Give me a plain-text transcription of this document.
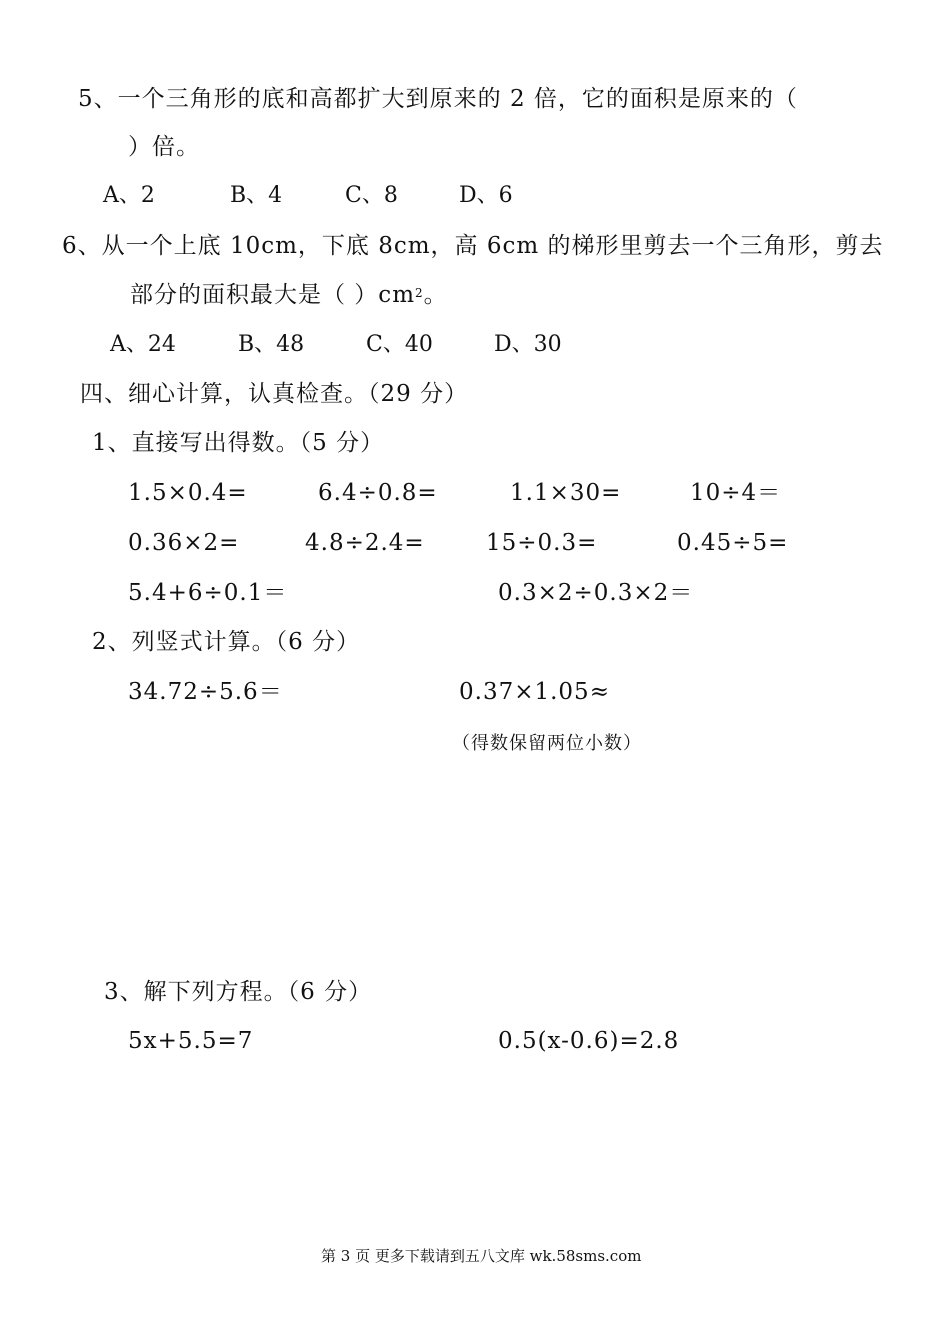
5、一个三角形的底和高都扩大到原来的 2 倍，它的面积是原来的（
）倍。
A、2	B、4	C、8	D、6
6、从一个上底 10cm，下底 8cm，高 6cm 的梯形里剪去一个三角形，剪去
部分的面积最大是（ ）$cm^2$。
A、24	B、48	C、40	D、30
四、细心计算，认真检查。（29 分）
1、直接写出得数。（5 分）
1.5×0.4=	6.4÷0.8=	1.1×30=	10÷4＝
0.36×2=	4.8÷2.4=	15÷0.3=	0.45÷5=
5.4+6÷0.1＝	0.3×2÷0.3×2＝
2、列竖式计算。（6 分）
34.72÷5.6＝	0.37×1.05≈
（得数保留两位小数）
3、解下列方程。（6 分）
5x+5.5=7	0.5(x-0.6)=2.8
第 3 页 更多下载请到五八文库 wk.58sms.com
